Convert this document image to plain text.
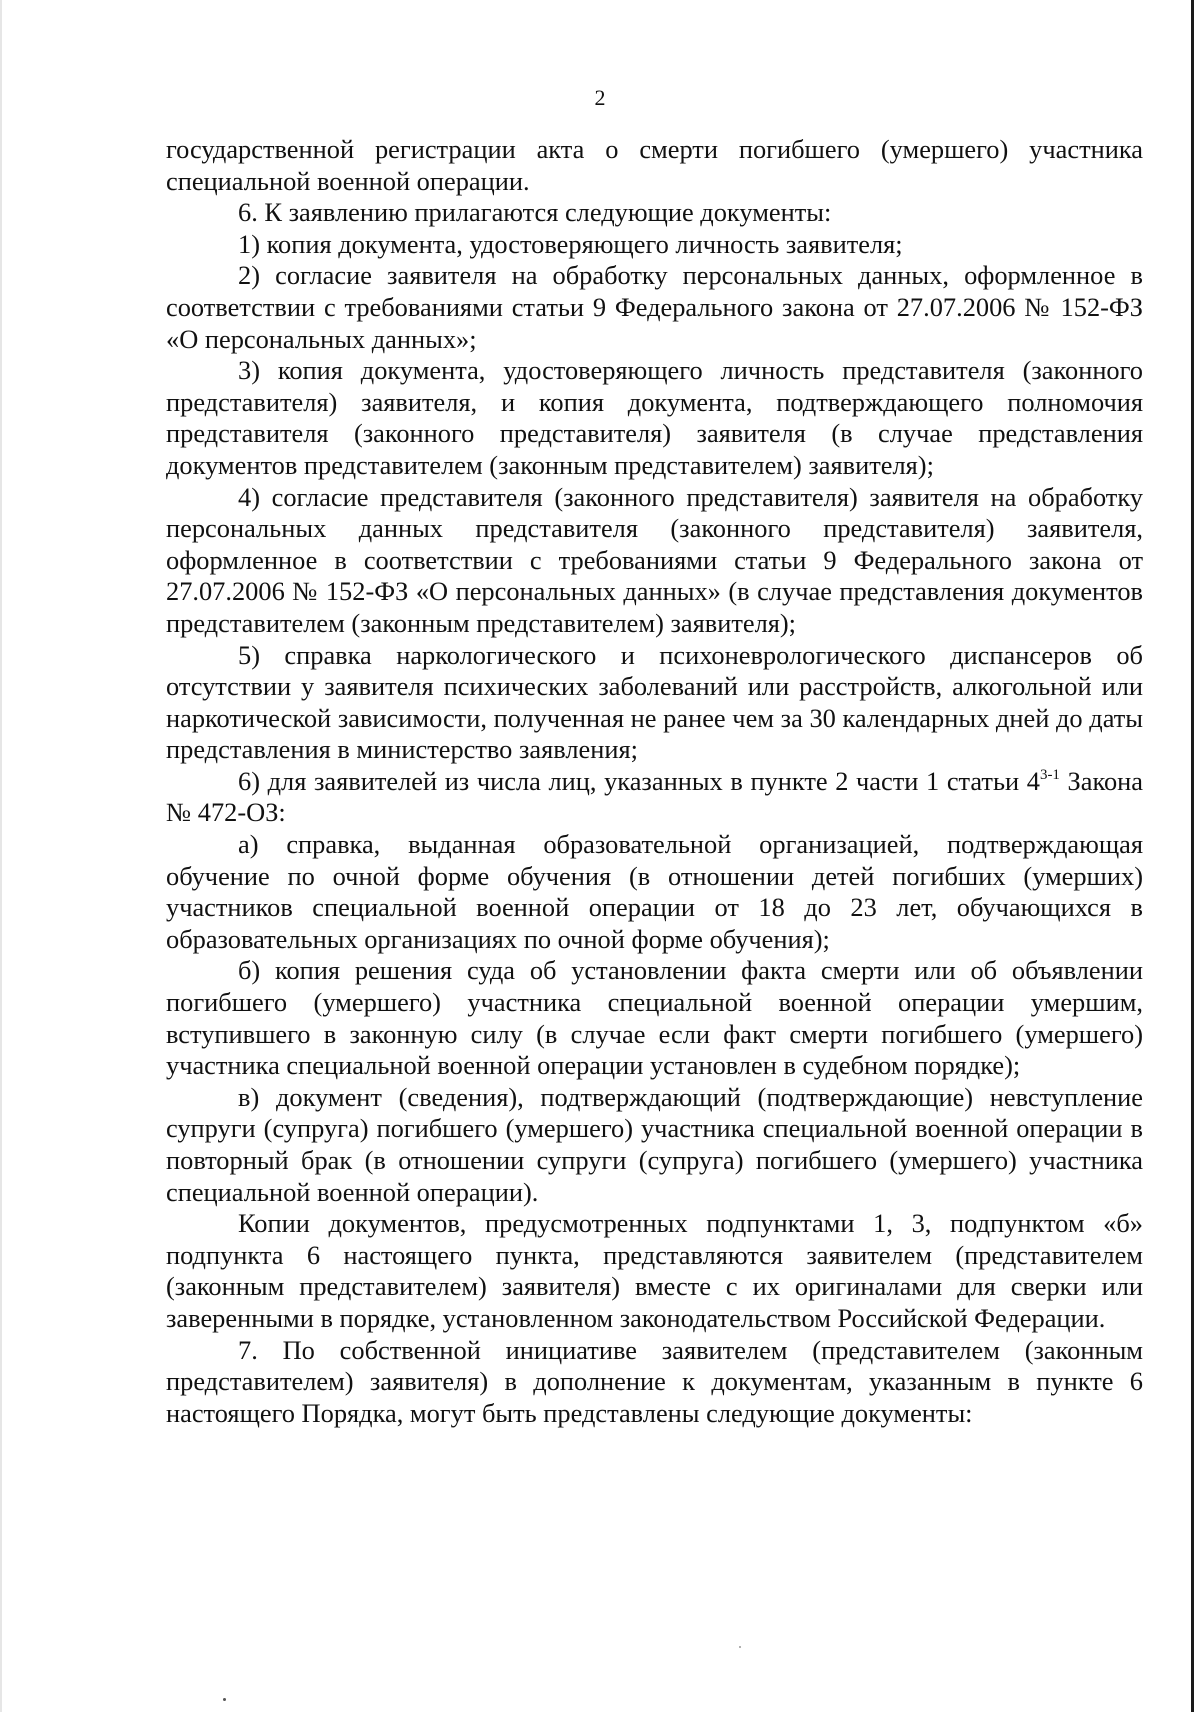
2

государственной регистрации акта о смерти погибшего (умершего) участника специальной военной операции.

6. К заявлению прилагаются следующие документы:

1) копия документа, удостоверяющего личность заявителя;

2) согласие заявителя на обработку персональных данных, оформленное в соответствии с требованиями статьи 9 Федерального закона от 27.07.2006 № 152-ФЗ «О персональных данных»;

3) копия документа, удостоверяющего личность представителя (законного представителя) заявителя, и копия документа, подтверждающего полномочия представителя (законного представителя) заявителя (в случае представления документов представителем (законным представителем) заявителя);

4) согласие представителя (законного представителя) заявителя на обработку персональных данных представителя (законного представителя) заявителя, оформленное в соответствии с требованиями статьи 9 Федерального закона от 27.07.2006 № 152-ФЗ «О персональных данных» (в случае представления документов представителем (законным представителем) заявителя);

5) справка наркологического и психоневрологического диспансеров об отсутствии у заявителя психических заболеваний или расстройств, алкогольной или наркотической зависимости, полученная не ранее чем за 30 календарных дней до даты представления в министерство заявления;

6) для заявителей из числа лиц, указанных в пункте 2 части 1 статьи 4$^{3-1}$ Закона № 472-ОЗ:

а) справка, выданная образовательной организацией, подтверждающая обучение по очной форме обучения (в отношении детей погибших (умерших) участников специальной военной операции от 18 до 23 лет, обучающихся в образовательных организациях по очной форме обучения);

б) копия решения суда об установлении факта смерти или об объявлении погибшего (умершего) участника специальной военной операции умершим, вступившего в законную силу (в случае если факт смерти погибшего (умершего) участника специальной военной операции установлен в судебном порядке);

в) документ (сведения), подтверждающий (подтверждающие) невступление супруги (супруга) погибшего (умершего) участника специальной военной операции в повторный брак (в отношении супруги (супруга) погибшего (умершего) участника специальной военной операции).

Копии документов, предусмотренных подпунктами 1, 3, подпунктом «б» подпункта 6 настоящего пункта, представляются заявителем (представителем (законным представителем) заявителя) вместе с их оригиналами для сверки или заверенными в порядке, установленном законодательством Российской Федерации.

7. По собственной инициативе заявителем (представителем (законным представителем) заявителя) в дополнение к документам, указанным в пункте 6 настоящего Порядка, могут быть представлены следующие документы:
